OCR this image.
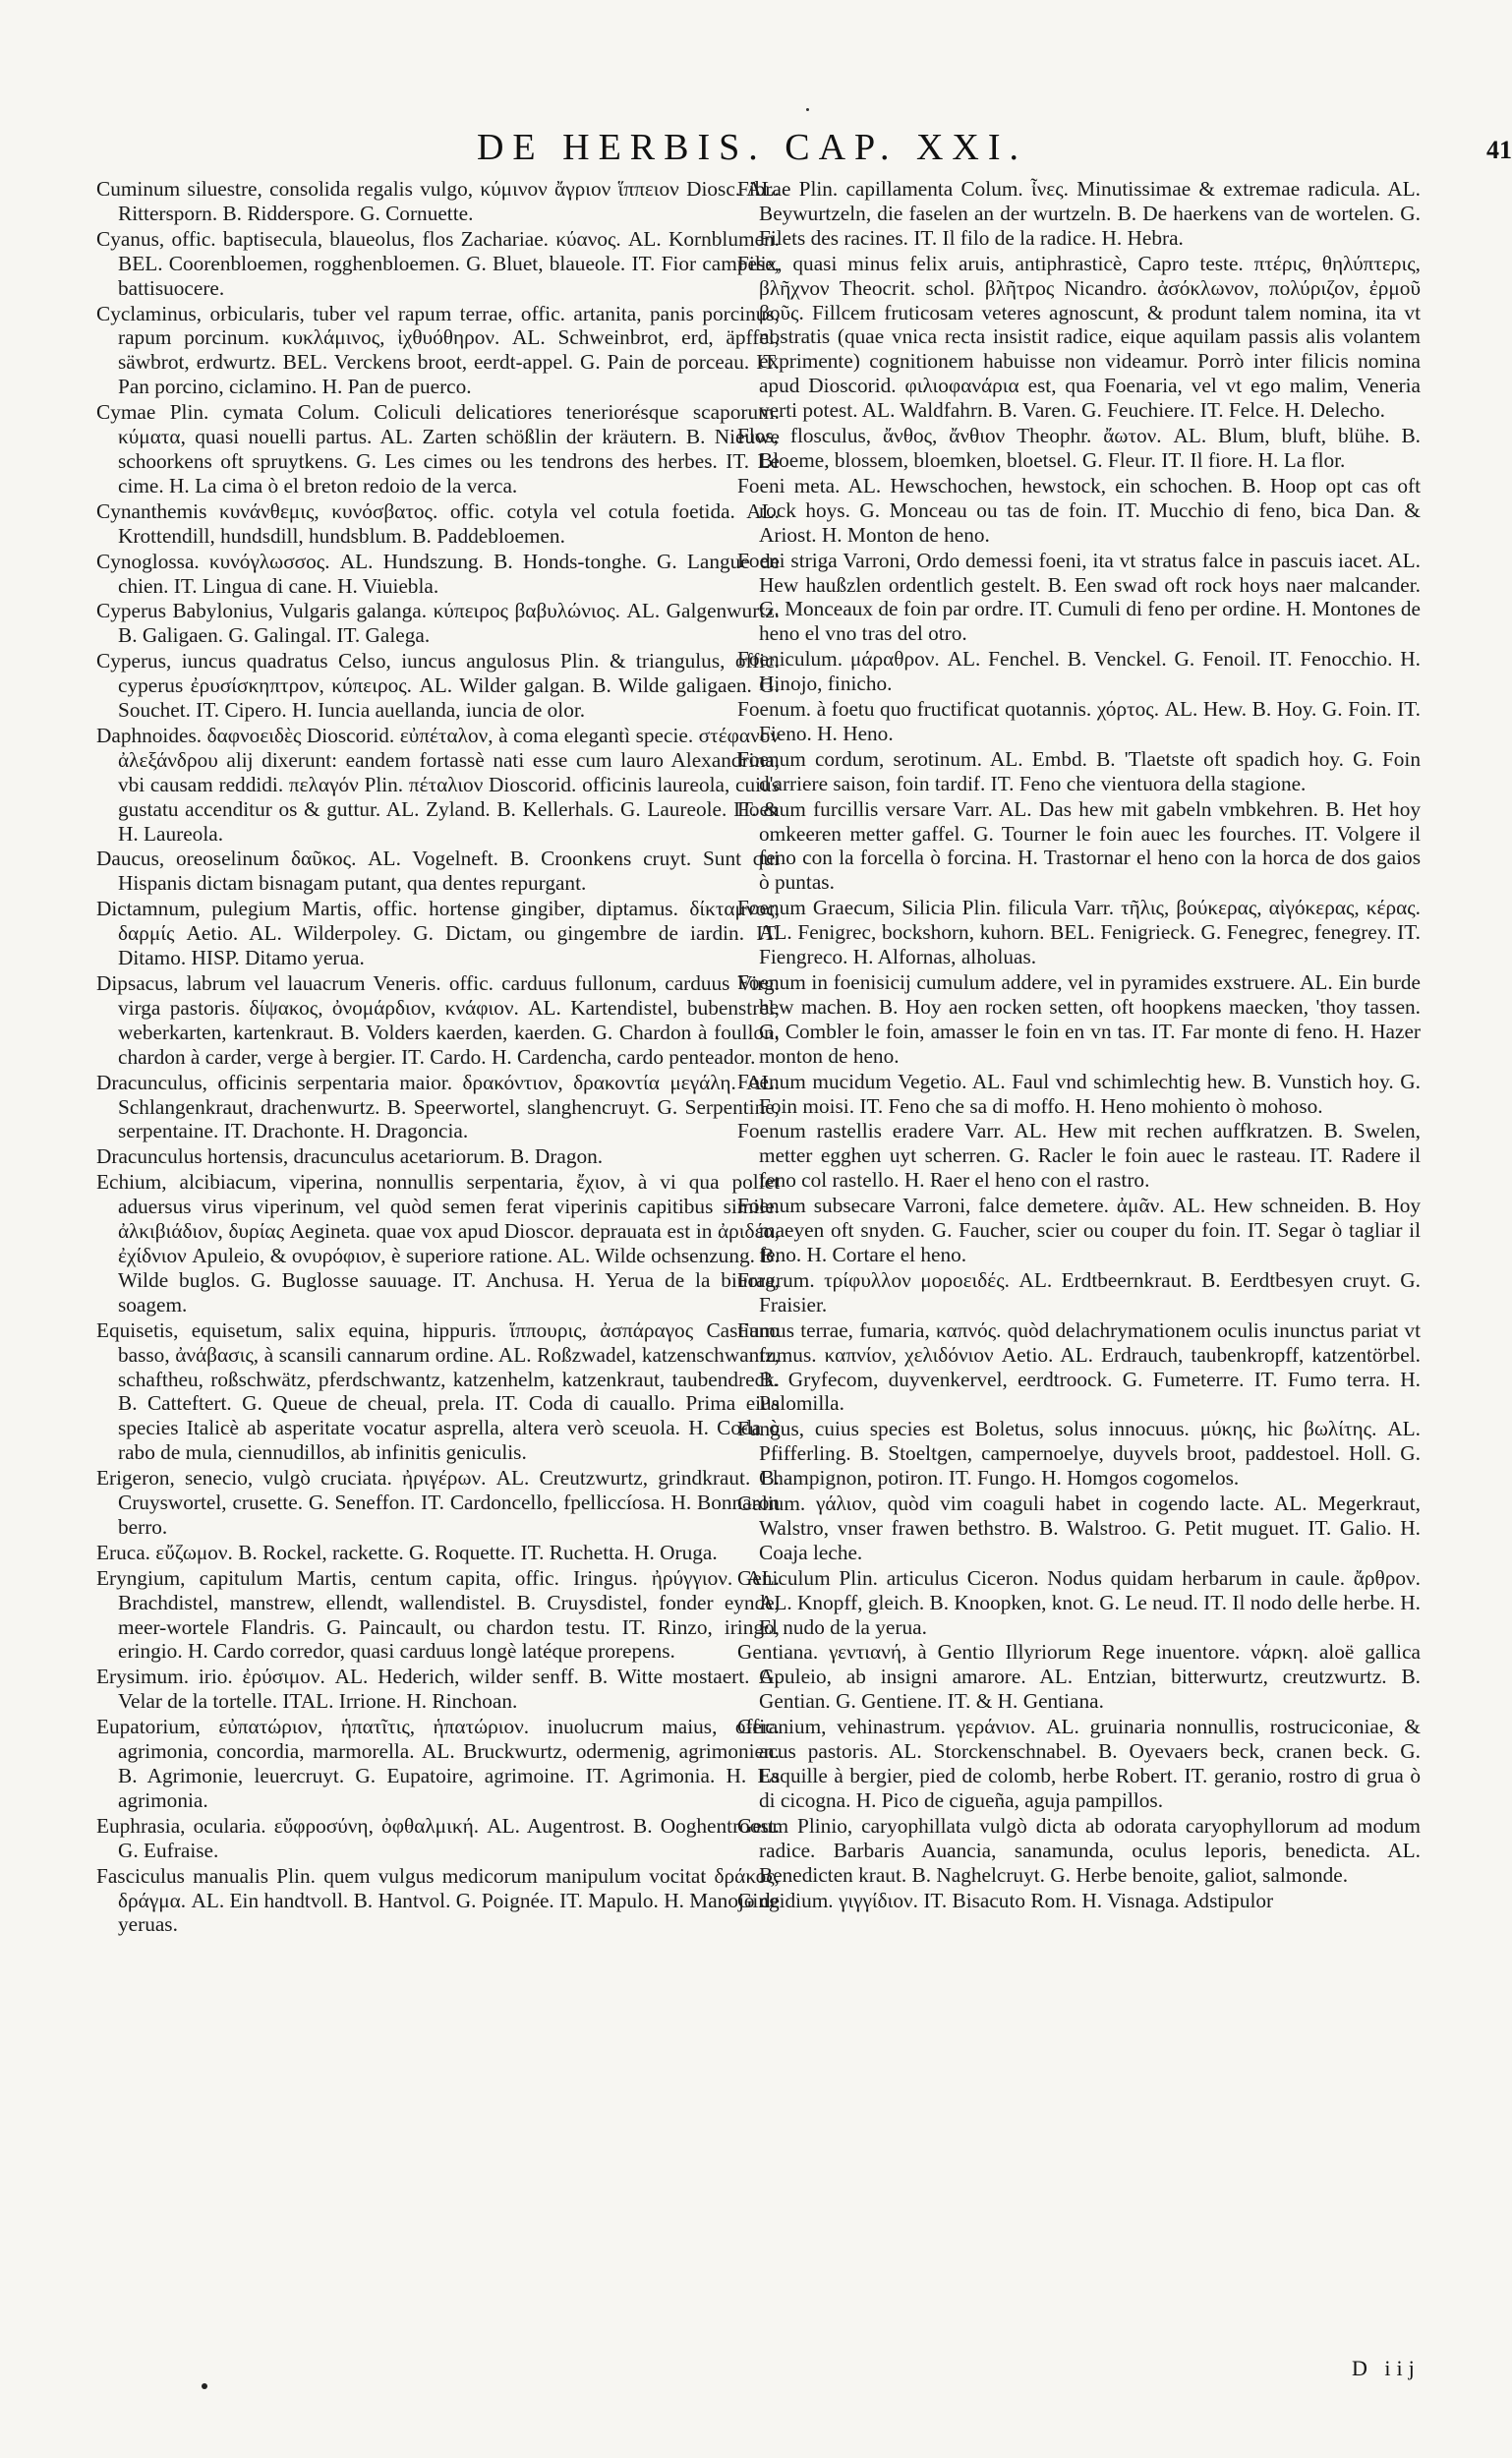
DE HERBIS. CAP. XXI.	41

Cuminum siluestre, consolida regalis vulgo, κύμινον ἄγριον ἵππειον Diosc. AL. Rittersporn. B. Ridderspore. G. Cornuette.

Cyanus, offic. baptisecula, blaueolus, flos Zachariae. κύανος. AL. Kornblumen. BEL. Coorenbloemen, rogghenbloemen. G. Bluet, blaueole. IT. Fior campese, battisuocere.

Cyclaminus, orbicularis, tuber vel rapum terrae, offic. artanita, panis porcinus, rapum porcinum. κυκλάμινος, ἰχθυόθηρον. AL. Schweinbrot, erd, äpffel, säwbrot, erdwurtz. BEL. Verckens broot, eerdt-appel. G. Pain de porceau. IT. Pan porcino, ciclamino. H. Pan de puerco.

Cymae Plin. cymata Colum. Coliculi delicatiores teneriorésque scaporum. κύματα, quasi nouelli partus. AL. Zarten schößlin der kräutern. B. Nieuwe schoorkens oft spruytkens. G. Les cimes ou les tendrons des herbes. IT. Le cime. H. La cima ò el breton redoio de la verca.

Cynanthemis κυνάνθεμις, κυνόσβατος. offic. cotyla vel cotula foetida. AL. Krottendill, hundsdill, hundsblum. B. Paddebloemen.

Cynoglossa. κυνόγλωσσος. AL. Hundszung. B. Honds-tonghe. G. Langue de chien. IT. Lingua di cane. H. Viuiebla.

Cyperus Babylonius, Vulgaris galanga. κύπειρος βαβυλώνιος. AL. Galgenwurtz. B. Galigaen. G. Galingal. IT. Galega.

Cyperus, iuncus quadratus Celso, iuncus angulosus Plin. & triangulus, offic. cyperus ἐρυσίσκηπτρον, κύπειρος. AL. Wilder galgan. B. Wilde galigaen. G. Souchet. IT. Cipero. H. Iuncia auellanda, iuncia de olor.

Daphnoides. δαφνοειδὲς Dioscorid. εὐπέταλον, à coma elegantì specie. στέφανον ἀλεξάνδρου alij dixerunt: eandem fortassè nati esse cum lauro Alexandrina, vbi causam reddidi. πελαγόν Plin. πέταλιον Dioscorid. officinis laureola, cuius gustatu accenditur os & guttur. AL. Zyland. B. Kellerhals. G. Laureole. IT. & H. Laureola.

Daucus, oreoselinum δαῦκος. AL. Vogelneft. B. Croonkens cruyt. Sunt qui Hispanis dictam bisnagam putant, qua dentes repurgant.

Dictamnum, pulegium Martis, offic. hortense gingiber, diptamus. δίκταμνος, δαρμίς Aetio. AL. Wilderpoley. G. Dictam, ou gingembre de iardin. IT. Ditamo. HISP. Ditamo yerua.

Dipsacus, labrum vel lauacrum Veneris. offic. carduus fullonum, carduus Virg. virga pastoris. δίψακος, ὀνομάρδιον, κνάφιον. AL. Kartendistel, bubenstrel, weberkarten, kartenkraut. B. Volders kaerden, kaerden. G. Chardon à foullon, chardon à carder, verge à bergier. IT. Cardo. H. Cardencha, cardo penteador.

Dracunculus, officinis serpentaria maior. δρακόντιον, δρακοντία μεγάλη. AL. Schlangenkraut, drachenwurtz. B. Speerwortel, slanghencruyt. G. Serpentine, serpentaine. IT. Drachonte. H. Dragoncia.

Dracunculus hortensis, dracunculus acetariorum. B. Dragon.

Echium, alcibiacum, viperina, nonnullis serpentaria, ἔχιον, à vi qua pollet aduersus virus viperinum, vel quòd semen ferat viperinis capitibus simile. ἀλκιβιάδιον, δυρίας Aegineta. quae vox apud Dioscor. deprauata est in ἀριδέα, ἐχίδνιον Apuleio, & ονυρόφιον, è superiore ratione. AL. Wilde ochsenzung. B. Wilde buglos. G. Buglosse sauuage. IT. Anchusa. H. Yerua de la biuora, soagem.

Equisetis, equisetum, salix equina, hippuris. ἵππουρις, ἀσπάραγος Castiano basso, ἀνάβασις, à scansili cannarum ordine. AL. Roßzwadel, katzenschwantz, schaftheu, roßschwätz, pferdschwantz, katzenhelm, katzenkraut, taubendreck. B. Catteftert. G. Queue de cheual, prela. IT. Coda di cauallo. Prima eius species Italicè ab asperitate vocatur asprella, altera verò sceuola. H. Coda ò rabo de mula, ciennudillos, ab infinitis geniculis.

Erigeron, senecio, vulgò cruciata. ἠριγέρων. AL. Creutzwurtz, grindkraut. B. Cruyswortel, crusette. G. Seneffon. IT. Cardoncello, fpelliccíosa. H. Bonnaron berro.

Eruca. εὔζωμον. B. Rockel, rackette. G. Roquette. IT. Ruchetta. H. Oruga.

Eryngium, capitulum Martis, centum capita, offic. Iringus. ἠρύγγιον. AL. Brachdistel, manstrew, ellendt, wallendistel. B. Cruysdistel, fonder eynde, meer-wortele Flandris. G. Paincault, ou chardon testu. IT. Rinzo, iringo, eringio. H. Cardo corredor, quasi carduus longè latéque prorepens.

Erysimum. irio. ἐρύσιμον. AL. Hederich, wilder senff. B. Witte mostaert. G. Velar de la tortelle. ITAL. Irrione. H. Rinchoan.

Eupatorium, εὐπατώριον, ἡπατῖτις, ἡπατώριον. inuolucrum maius, offic. agrimonia, concordia, marmorella. AL. Bruckwurtz, odermenig, agrimonien. B. Agrimonie, leuercruyt. G. Eupatoire, agrimoine. IT. Agrimonia. H. La agrimonia.

Euphrasia, ocularia. εὔφροσύνη, ὀφθαλμική. AL. Augentrost. B. Ooghentroost. G. Eufraise.

Fasciculus manualis Plin. quem vulgus medicorum manipulum vocitat δράκος, δράγμα. AL. Ein handtvoll. B. Hantvol. G. Poignée. IT. Mapulo. H. Manojo de yeruas.

Fibrae Plin. capillamenta Colum. ἶνες. Minutissimae & extremae radicula. AL. Beywurtzeln, die faselen an der wurtzeln. B. De haerkens van de wortelen. G. Filets des racines. IT. Il filo de la radice. H. Hebra.

Filix, quasi minus felix aruis, antiphrasticè, Capro teste. πτέρις, θηλύπτερις, βλῆχνον Theocrit. schol. βλῆτρος Nicandro. ἀσόκλωνον, πολύριζον, ἐρμοῦ βοῦς. Fillcem fruticosam veteres agnoscunt, & produnt talem nomina, ita vt nostratis (quae vnica recta insistit radice, eique aquilam passis alis volantem exprimente) cognitionem habuisse non videamur. Porrò inter filicis nomina apud Dioscorid. φιλιοφανάρια est, qua Foenaria, vel vt ego malim, Veneria verti potest. AL. Waldfahrn. B. Varen. G. Feuchiere. IT. Felce. H. Delecho.

Flos, flosculus, ἄνθος, ἄνθιον Theophr. ἄωτον. AL. Blum, bluft, blühe. B. Bloeme, blossem, bloemken, bloetsel. G. Fleur. IT. Il fiore. H. La flor.

Foeni meta. AL. Hewschochen, hewstock, ein schochen. B. Hoop opt cas oft rock hoys. G. Monceau ou tas de foin. IT. Mucchio di feno, bica Dan. & Ariost. H. Monton de heno.

Foeni striga Varroni, Ordo demessi foeni, ita vt stratus falce in pascuis iacet. AL. Hew haußzlen ordentlich gestelt. B. Een swad oft rock hoys naer malcander. G. Monceaux de foin par ordre. IT. Cumuli di feno per ordine. H. Montones de heno el vno tras del otro.

Foeniculum. μάραθρον. AL. Fenchel. B. Venckel. G. Fenoil. IT. Fenocchio. H. Hinojo, finicho.

Foenum. à foetu quo fructificat quotannis. χόρτος. AL. Hew. B. Hoy. G. Foin. IT. Fieno. H. Heno.

Foenum cordum, serotinum. AL. Embd. B. 'Tlaetste oft spadich hoy. G. Foin d'arriere saison, foin tardif. IT. Feno che vientuora della stagione.

Foenum furcillis versare Varr. AL. Das hew mit gabeln vmbkehren. B. Het hoy omkeeren metter gaffel. G. Tourner le foin auec les fourches. IT. Volgere il feno con la forcella ò forcina. H. Trastornar el heno con la horca de dos gaios ò puntas.

Foenum Graecum, Silicia Plin. filicula Varr. τῆλις, βούκερας, αἰγόκερας, κέρας. AL. Fenigrec, bockshorn, kuhorn. BEL. Fenigrieck. G. Fenegrec, fenegrey. IT. Fiengreco. H. Alfornas, alholuas.

Foenum in foenisicij cumulum addere, vel in pyramides exstruere. AL. Ein burde hew machen. B. Hoy aen rocken setten, oft hoopkens maecken, 'thoy tassen. G. Combler le foin, amasser le foin en vn tas. IT. Far monte di feno. H. Hazer monton de heno.

Foenum mucidum Vegetio. AL. Faul vnd schimlechtig hew. B. Vunstich hoy. G. Foin moisi. IT. Feno che sa di moffo. H. Heno mohiento ò mohoso.

Foenum rastellis eradere Varr. AL. Hew mit rechen auffkratzen. B. Swelen, metter egghen uyt scherren. G. Racler le foin auec le rasteau. IT. Radere il feno col rastello. H. Raer el heno con el rastro.

Foenum subsecare Varroni, falce demetere. ἀμᾶν. AL. Hew schneiden. B. Hoy maeyen oft snyden. G. Faucher, scier ou couper du foin. IT. Segar ò tagliar il feno. H. Cortare el heno.

Fragrum. τρίφυλλον μοροειδές. AL. Erdtbeernkraut. B. Eerdtbesyen cruyt. G. Fraisier.

Fumus terrae, fumaria, καπνός. quòd delachrymationem oculis inunctus pariat vt fumus. καπνίον, χελιδόνιον Aetio. AL. Erdrauch, taubenkropff, katzentörbel. B. Gryfecom, duyvenkervel, eerdtroock. G. Fumeterre. IT. Fumo terra. H. Palomilla.

Fungus, cuius species est Boletus, solus innocuus. μύκης, hic βωλίτης. AL. Pfifferling. B. Stoeltgen, campernoelye, duyvels broot, paddestoel. Holl. G. Champignon, potiron. IT. Fungo. H. Homgos cogomelos.

Galium. γάλιον, quòd vim coaguli habet in cogendo lacte. AL. Megerkraut, Walstro, vnser frawen bethstro. B. Walstroo. G. Petit muguet. IT. Galio. H. Coaja leche.

Geniculum Plin. articulus Ciceron. Nodus quidam herbarum in caule. ἄρθρον. AL. Knopff, gleich. B. Knoopken, knot. G. Le neud. IT. Il nodo delle herbe. H. El nudo de la yerua.

Gentiana. γεντιανή, à Gentio Illyriorum Rege inuentore. νάρκη. aloë gallica Apuleio, ab insigni amarore. AL. Entzian, bitterwurtz, creutzwurtz. B. Gentian. G. Gentiene. IT. & H. Gentiana.

Geranium, vehinastrum. γεράνιον. AL. gruinaria nonnullis, rostruciconiae, & acus pastoris. AL. Storckenschnabel. B. Oyevaers beck, cranen beck. G. Esquille à bergier, pied de colomb, herbe Robert. IT. geranio, rostro di grua ò di cicogna. H. Pico de cigueña, aguja pampillos.

Geum Plinio, caryophillata vulgò dicta ab odorata caryophyllorum ad modum radice. Barbaris Auancia, sanamunda, oculus leporis, benedicta. AL. Benedicten kraut. B. Naghelcruyt. G. Herbe benoite, galiot, salmonde.

Gingidium. γιγγίδιον. IT. Bisacuto Rom. H. Visnaga. Adstipulor

D iij
